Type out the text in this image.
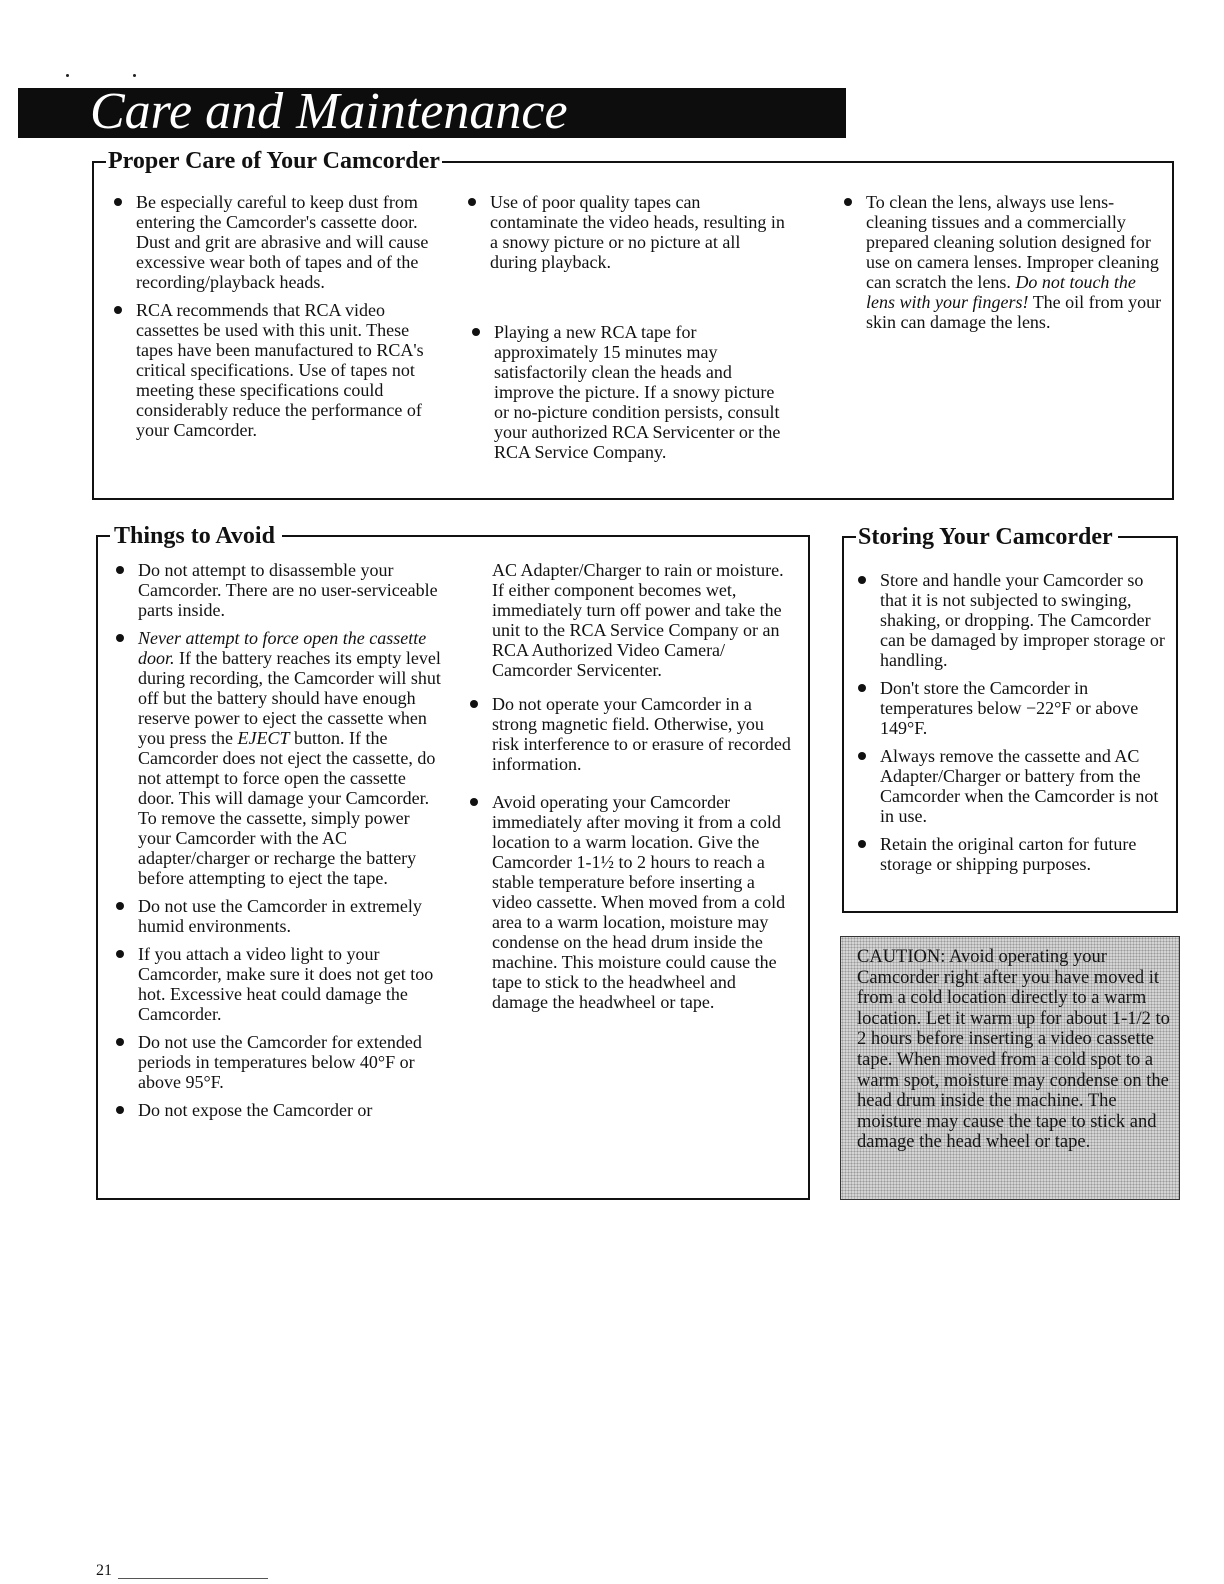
Care and Maintenance
Proper Care of Your Camcorder
Be especially careful to keep dust from entering the Camcorder's cassette door. Dust and grit are abrasive and will cause excessive wear both of tapes and of the recording/playback heads.
RCA recommends that RCA video cassettes be used with this unit. These tapes have been manufactured to RCA's critical specifications. Use of tapes not meeting these specifications could considerably reduce the performance of your Camcorder.
Use of poor quality tapes can contaminate the video heads, resulting in a snowy picture or no picture at all during playback.
Playing a new RCA tape for approximately 15 minutes may satisfactorily clean the heads and improve the picture. If a snowy picture or no-picture condition persists, consult your authorized RCA Servicenter or the RCA Service Company.
To clean the lens, always use lens-cleaning tissues and a commercially prepared cleaning solution designed for use on camera lenses. Improper cleaning can scratch the lens. Do not touch the lens with your fingers! The oil from your skin can damage the lens.
Things to Avoid
Do not attempt to disassemble your Camcorder. There are no user-serviceable parts inside.
Never attempt to force open the cassette door. If the battery reaches its empty level during recording, the Camcorder will shut off but the battery should have enough reserve power to eject the cassette when you press the EJECT button. If the Camcorder does not eject the cassette, do not attempt to force open the cassette door. This will damage your Camcorder. To remove the cassette, simply power your Camcorder with the AC adapter/charger or recharge the battery before attempting to eject the tape.
Do not use the Camcorder in extremely humid environments.
If you attach a video light to your Camcorder, make sure it does not get too hot. Excessive heat could damage the Camcorder.
Do not use the Camcorder for extended periods in temperatures below 40°F or above 95°F.
Do not expose the Camcorder or
AC Adapter/Charger to rain or moisture. If either component becomes wet, immediately turn off power and take the unit to the RCA Service Company or an RCA Authorized Video Camera/ Camcorder Servicenter.
Do not operate your Camcorder in a strong magnetic field. Otherwise, you risk interference to or erasure of recorded information.
Avoid operating your Camcorder immediately after moving it from a cold location to a warm location. Give the Camcorder 1-1½ to 2 hours to reach a stable temperature before inserting a video cassette. When moved from a cold area to a warm location, moisture may condense on the head drum inside the machine. This moisture could cause the tape to stick to the headwheel and damage the headwheel or tape.
Storing Your Camcorder
Store and handle your Camcorder so that it is not subjected to swinging, shaking, or dropping. The Camcorder can be damaged by improper storage or handling.
Don't store the Camcorder in temperatures below −22°F or above 149°F.
Always remove the cassette and AC Adapter/Charger or battery from the Camcorder when the Camcorder is not in use.
Retain the original carton for future storage or shipping purposes.
CAUTION: Avoid operating your Camcorder right after you have moved it from a cold location directly to a warm location. Let it warm up for about 1-1/2 to 2 hours before inserting a video cassette tape. When moved from a cold spot to a warm spot, moisture may condense on the head drum inside the machine. The moisture may cause the tape to stick and damage the head wheel or tape.
21
